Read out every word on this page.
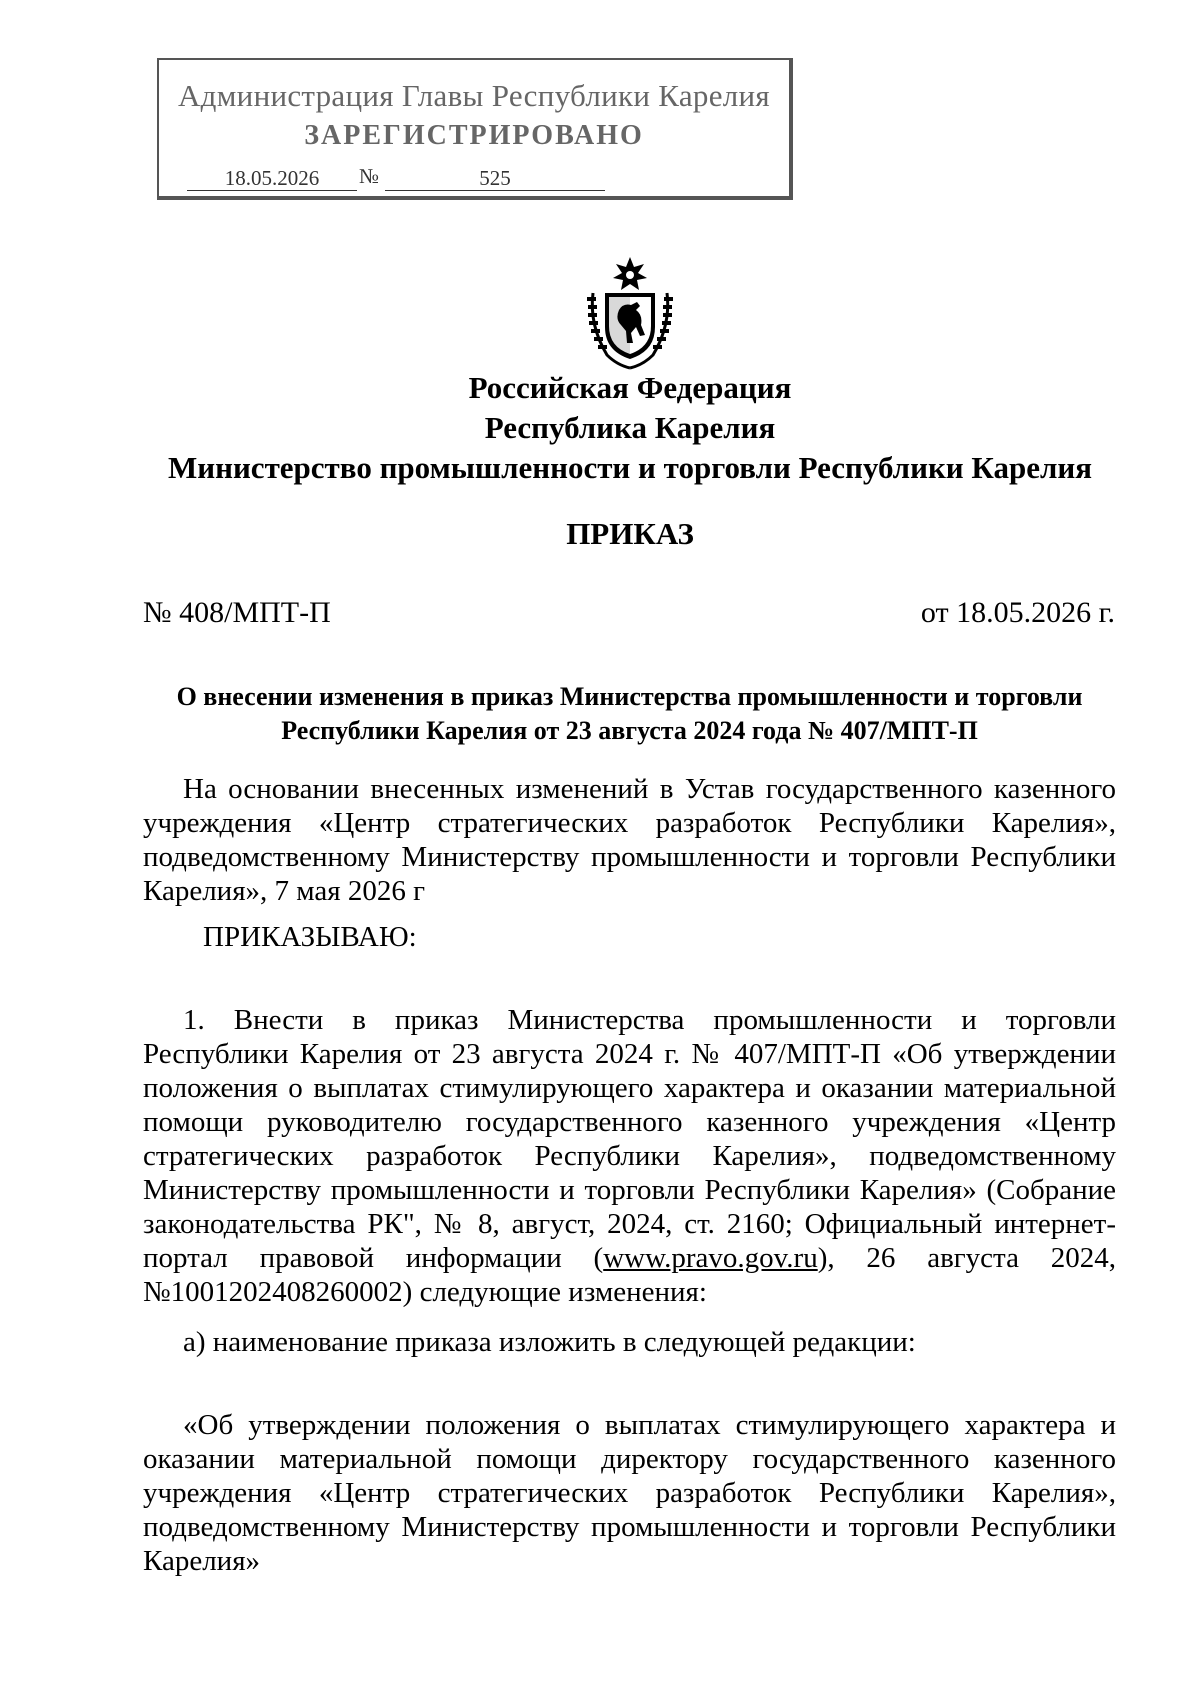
Администрация Главы Республики Карелия
ЗАРЕГИСТРИРОВАНО
18.05.2026	№	525
Российская Федерация
Республика Карелия
Министерство промышленности и торговли Республики Карелия
ПРИКАЗ
№ 408/МПТ-П	от 18.05.2026 г.
О внесении изменения в приказ Министерства промышленности и торговли
Республики Карелия от 23 августа 2024 года № 407/МПТ-П
На основании внесенных изменений в Устав государственного казенного учреждения «Центр стратегических разработок Республики Карелия», подведомственному Министерству промышленности и торговли Республики Карелия», 7 мая 2026 г
ПРИКАЗЫВАЮ:
1. Внести в приказ Министерства промышленности и торговли Республики Карелия от 23 августа 2024 г. № 407/МПТ-П «Об утверждении положения о выплатах стимулирующего характера и оказании материальной помощи руководителю государственного казенного учреждения «Центр стратегических разработок Республики Карелия», подведомственному Министерству промышленности и торговли Республики Карелия» (Собрание законодательства РК", № 8, август, 2024, ст. 2160; Официальный интернет-портал правовой информации (www.pravo.gov.ru), 26 августа 2024, №1001202408260002) следующие изменения:
а) наименование приказа изложить в следующей редакции:
«Об утверждении положения о выплатах стимулирующего характера и оказании материальной помощи директору государственного казенного учреждения «Центр стратегических разработок Республики Карелия», подведомственному Министерству промышленности и торговли Республики Карелия»
